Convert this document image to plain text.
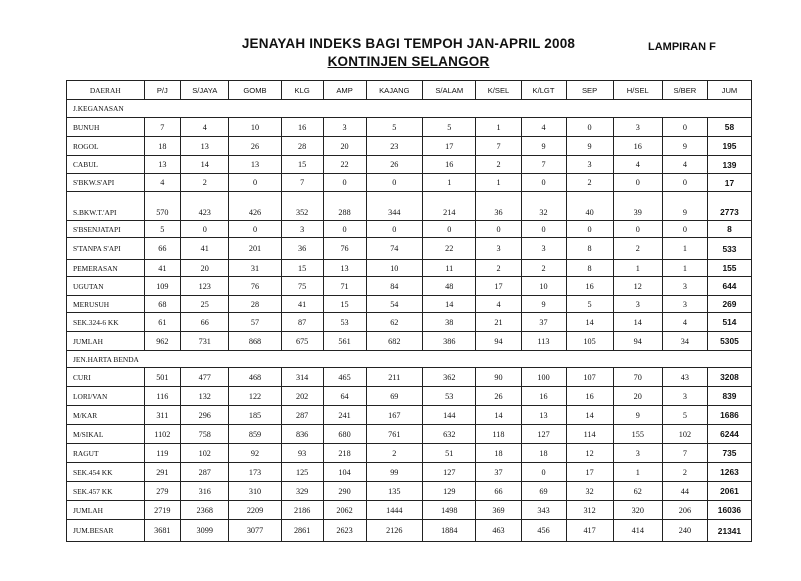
JENAYAH INDEKS BAGI TEMPOH JAN-APRIL 2008
KONTINJEN SELANGOR
LAMPIRAN F
DAERAH	P/J	S/JAYA	GOMB	KLG	AMP	KAJANG	S/ALAM	K/SEL	K/LGT	SEP	H/SEL	S/BER	JUM
J.KEGANASAN													
BUNUH	7	4	10	16	3	5	5	1	4	0	3	0	58
ROGOL	18	13	26	28	20	23	17	7	9	9	16	9	195
CABUL	13	14	13	15	22	26	16	2	7	3	4	4	139
S'BKW.S'API	4	2	0	7	0	0	1	1	0	2	0	0	17
S.BKW.T.'API	570	423	426	352	288	344	214	36	32	40	39	9	2773
S'BSENJATAPI	5	0	0	3	0	0	0	0	0	0	0	0	8
S'TANPA S'API	66	41	201	36	76	74	22	3	3	8	2	1	533
PEMERASAN	41	20	31	15	13	10	11	2	2	8	1	1	155
UGUTAN	109	123	76	75	71	84	48	17	10	16	12	3	644
MERUSUH	68	25	28	41	15	54	14	4	9	5	3	3	269
SEK.324-6 KK	61	66	57	87	53	62	38	21	37	14	14	4	514
JUMLAH	962	731	868	675	561	682	386	94	113	105	94	34	5305
JEN.HARTA BENDA													
CURI	501	477	468	314	465	211	362	90	100	107	70	43	3208
LORI/VAN	116	132	122	202	64	69	53	26	16	16	20	3	839
M/KAR	311	296	185	287	241	167	144	14	13	14	9	5	1686
M/SIKAL	1102	758	859	836	680	761	632	118	127	114	155	102	6244
RAGUT	119	102	92	93	218	2	51	18	18	12	3	7	735
SEK.454 KK	291	287	173	125	104	99	127	37	0	17	1	2	1263
SEK.457 KK	279	316	310	329	290	135	129	66	69	32	62	44	2061
JUMLAH	2719	2368	2209	2186	2062	1444	1498	369	343	312	320	206	16036
JUM.BESAR	3681	3099	3077	2861	2623	2126	1884	463	456	417	414	240	21341
